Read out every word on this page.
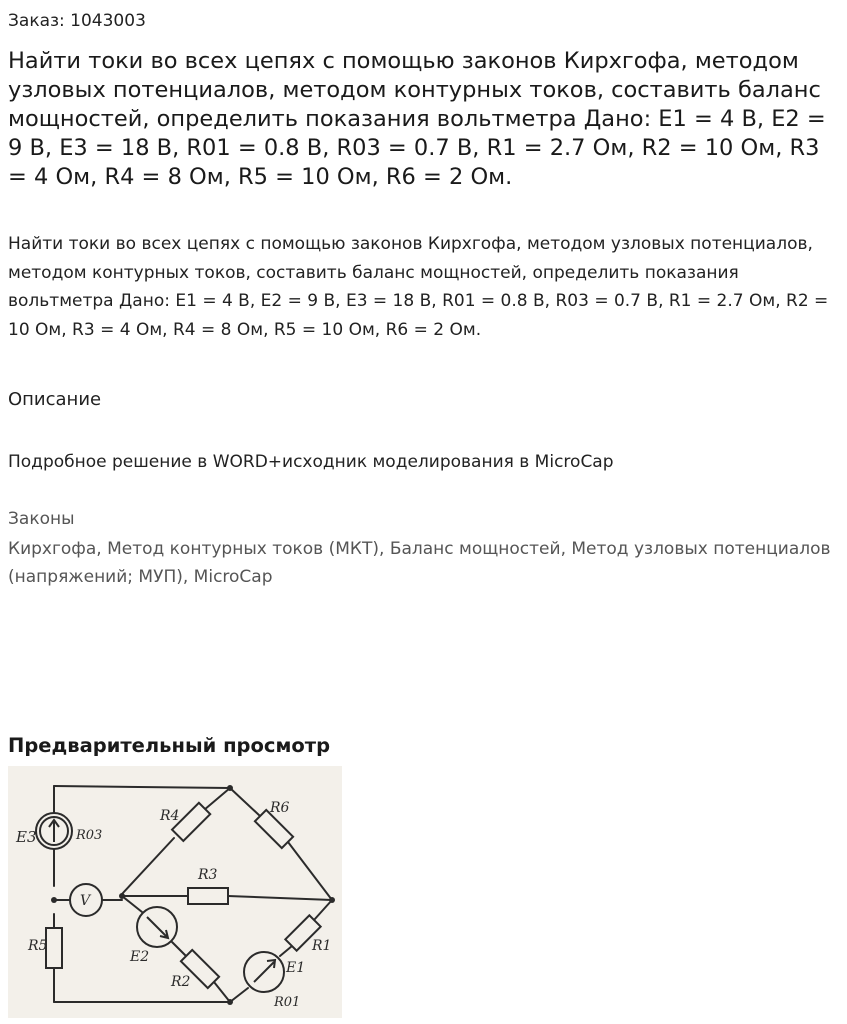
Заказ: 1043003
Найти токи во всех цепях с помощью законов Кирхгофа, методом узловых потенциалов, методом контурных токов, составить баланс мощностей, определить показания вольтметра Дано: E1 = 4 В, E2 = 9 В, E3 = 18 В, R01 = 0.8 В, R03 = 0.7 В, R1 = 2.7 Ом, R2 = 10 Ом, R3 = 4 Ом, R4 = 8 Ом, R5 = 10 Ом, R6 = 2 Ом.

Найти токи во всех цепях с помощью законов Кирхгофа, методом узловых потенциалов, методом контурных токов, составить баланс мощностей, определить показания вольтметра Дано: E1 = 4 В, E2 = 9 В, E3 = 18 В, R01 = 0.8 В, R03 = 0.7 В, R1 = 2.7 Ом, R2 = 10 Ом, R3 = 4 Ом, R4 = 8 Ом, R5 = 10 Ом, R6 = 2 Ом.

Описание
Подробное решение в WORD+исходник моделирования в MicroCap
Законы
Кирхгофа, Метод контурных токов (МКТ), Баланс мощностей, Метод узловых потенциалов (напряжений; МУП), MicroCap
Предварительный просмотр
E3	R03
R4	R6
V
R3
R5
E2
R1
R2
E1
R01
